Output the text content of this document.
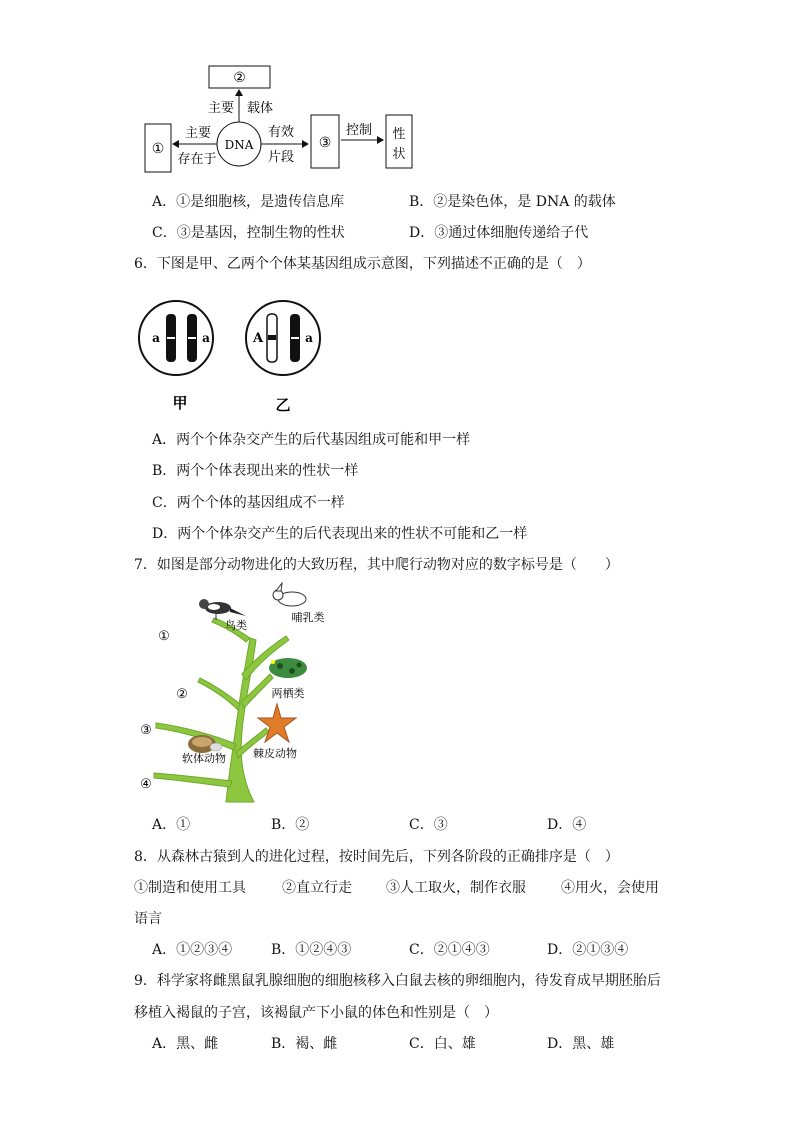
②
主要 载体
①
主要
存在于
DNA
有效
片段
③
控制 性
状
A．①是细胞核，是遗传信息库	B．②是染色体，是 DNA 的载体
C．③是基因，控制生物的性状	D．③通过体细胞传递给子代
6．下图是甲、乙两个个体某基因组成示意图，下列描述不正确的是（　）
a	a
甲
A	a
乙
A．两个个体杂交产生的后代基因组成可能和甲一样
B．两个个体表现出来的性状一样
C．两个个体的基因组成不一样
D．两个个体杂交产生的后代表现出来的性状不可能和乙一样
7．如图是部分动物进化的大致历程，其中爬行动物对应的数字标号是（　　）
①
②
③
④
鸟类
哺乳类
两栖类
棘皮动物
软体动物
A．①	B．②	C．③	D．④
8．从森林古猿到人的进化过程，按时间先后，下列各阶段的正确排序是（　）
①制造和使用工具	②直立行走 ③人工取火，制作衣服	④用火，会使用
语言
A．①②③④	B．①②④③	C．②①④③	D．②①③④
9．科学家将雌黑鼠乳腺细胞的细胞核移入白鼠去核的卵细胞内，待发育成早期胚胎后
移植入褐鼠的子宫，该褐鼠产下小鼠的体色和性别是（　）
A．黑、雌	B．褐、雌	C．白、雄	D．黑、雄
